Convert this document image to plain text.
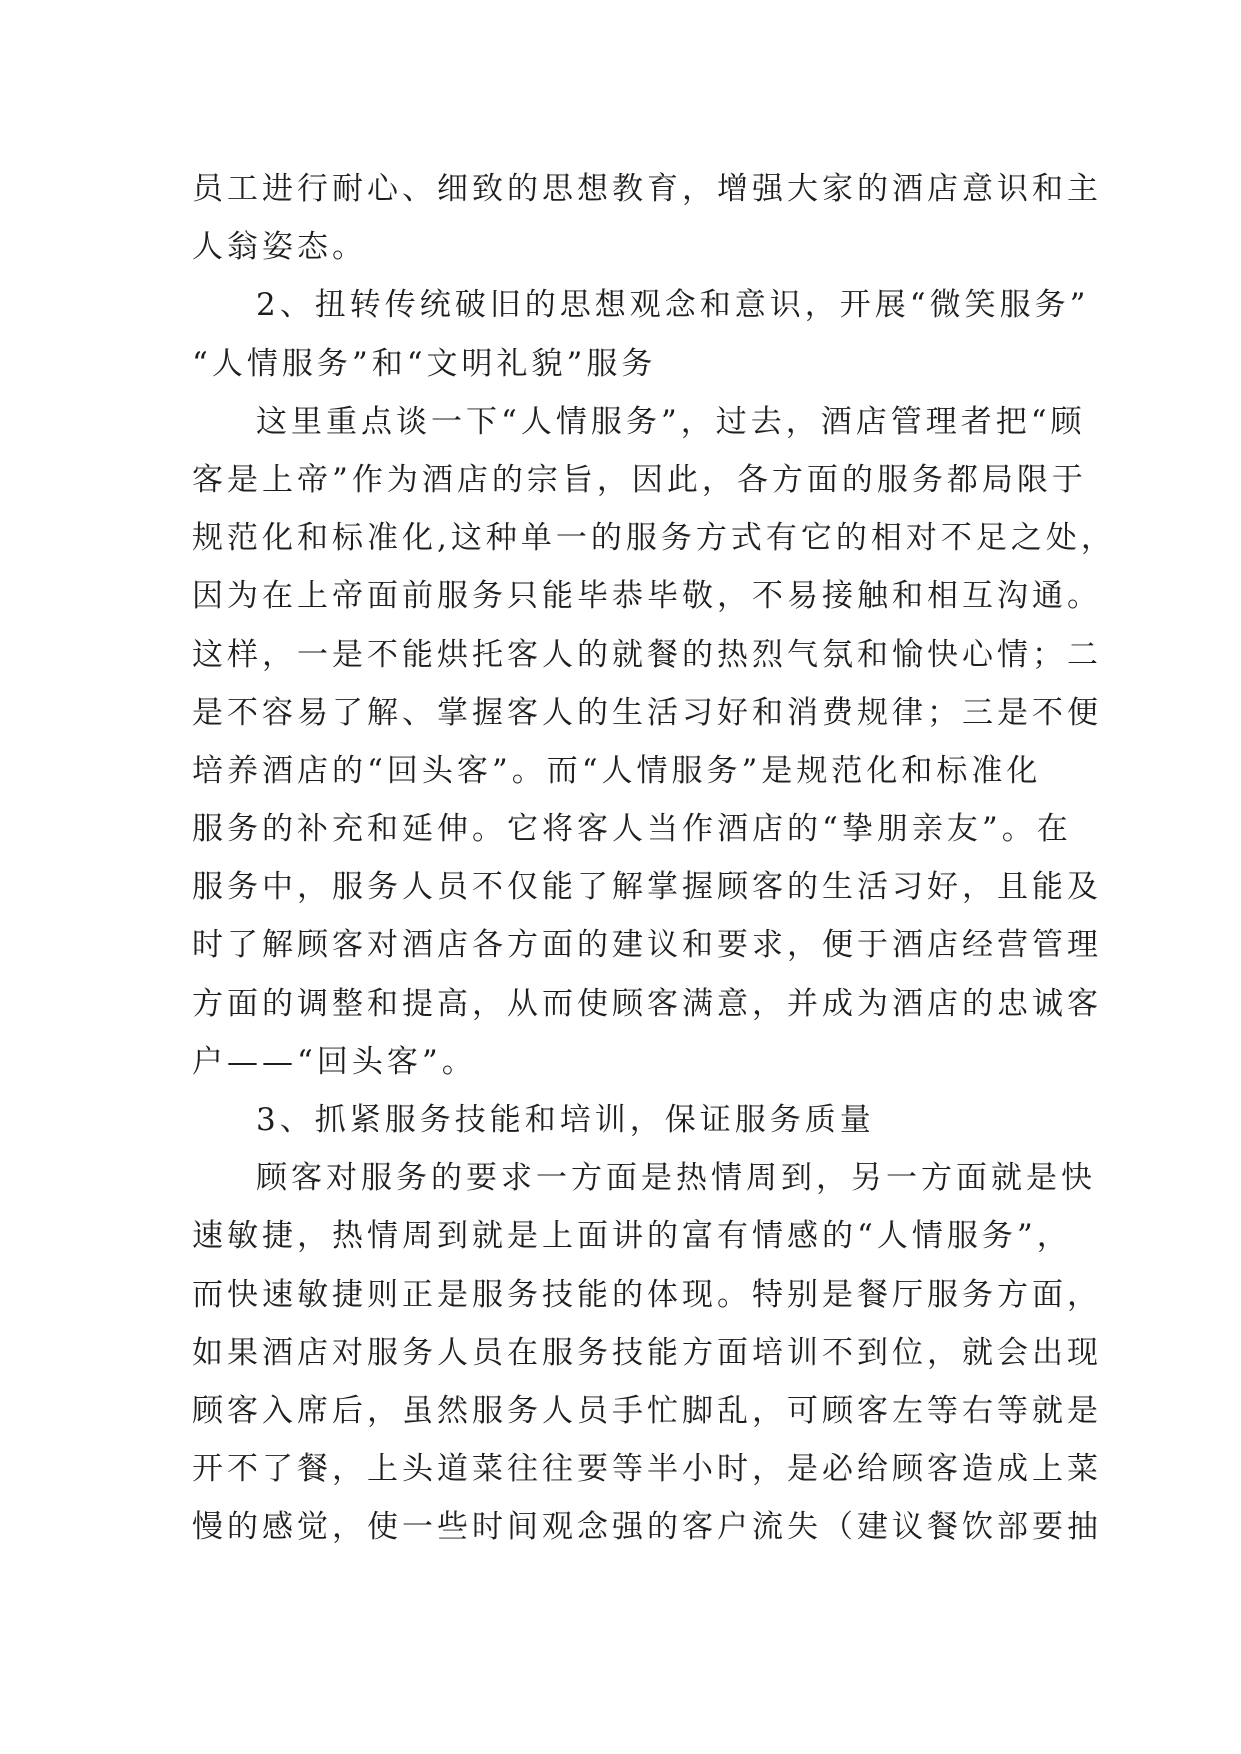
员工进行耐心、细致的思想教育，增强大家的酒店意识和主
人翁姿态。
2、扭转传统破旧的思想观念和意识，开展“微笑服务”
“人情服务”和“文明礼貌”服务
这里重点谈一下“人情服务”，过去，酒店管理者把“顾
客是上帝”作为酒店的宗旨，因此，各方面的服务都局限于
规范化和标准化,这种单一的服务方式有它的相对不足之处，
因为在上帝面前服务只能毕恭毕敬，不易接触和相互沟通。
这样，一是不能烘托客人的就餐的热烈气氛和愉快心情；二
是不容易了解、掌握客人的生活习好和消费规律；三是不便
培养酒店的“回头客”。而“人情服务”是规范化和标准化
服务的补充和延伸。它将客人当作酒店的“挚朋亲友”。在
服务中，服务人员不仅能了解掌握顾客的生活习好，且能及
时了解顾客对酒店各方面的建议和要求，便于酒店经营管理
方面的调整和提高，从而使顾客满意，并成为酒店的忠诚客
户——“回头客”。
3、抓紧服务技能和培训，保证服务质量
顾客对服务的要求一方面是热情周到，另一方面就是快
速敏捷，热情周到就是上面讲的富有情感的“人情服务”，
而快速敏捷则正是服务技能的体现。特别是餐厅服务方面，
如果酒店对服务人员在服务技能方面培训不到位，就会出现
顾客入席后，虽然服务人员手忙脚乱，可顾客左等右等就是
开不了餐，上头道菜往往要等半小时，是必给顾客造成上菜
慢的感觉，使一些时间观念强的客户流失（建议餐饮部要抽
